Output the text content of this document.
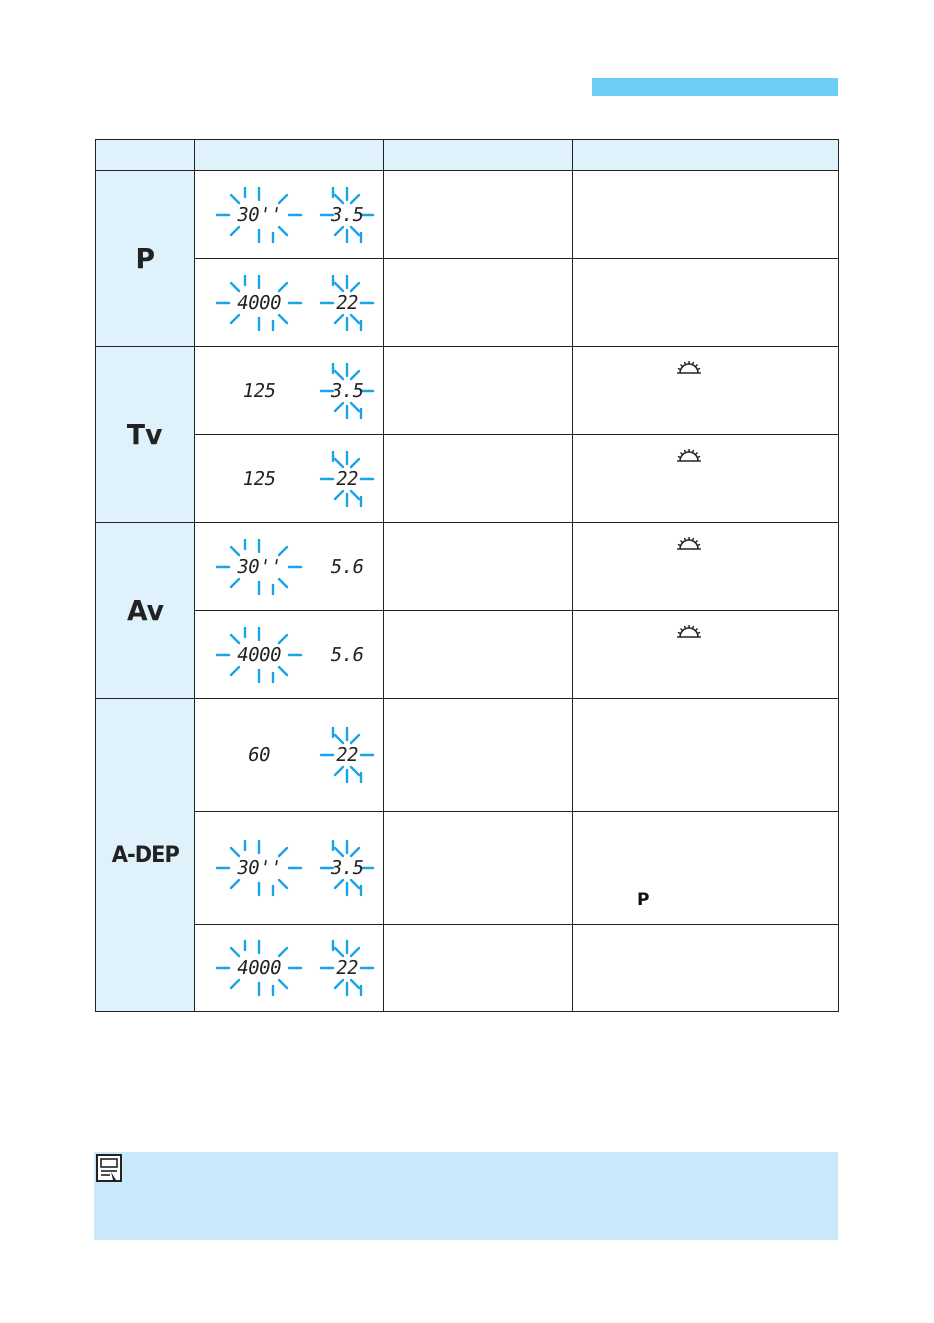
P	30'' 3.5		

	4000 22		

Tv	125 3.5

	125 22

Av	30'' 5.6

	4000 5.6

A-DEP	60 22		

	30'' 3.5		P

	4000 22		
